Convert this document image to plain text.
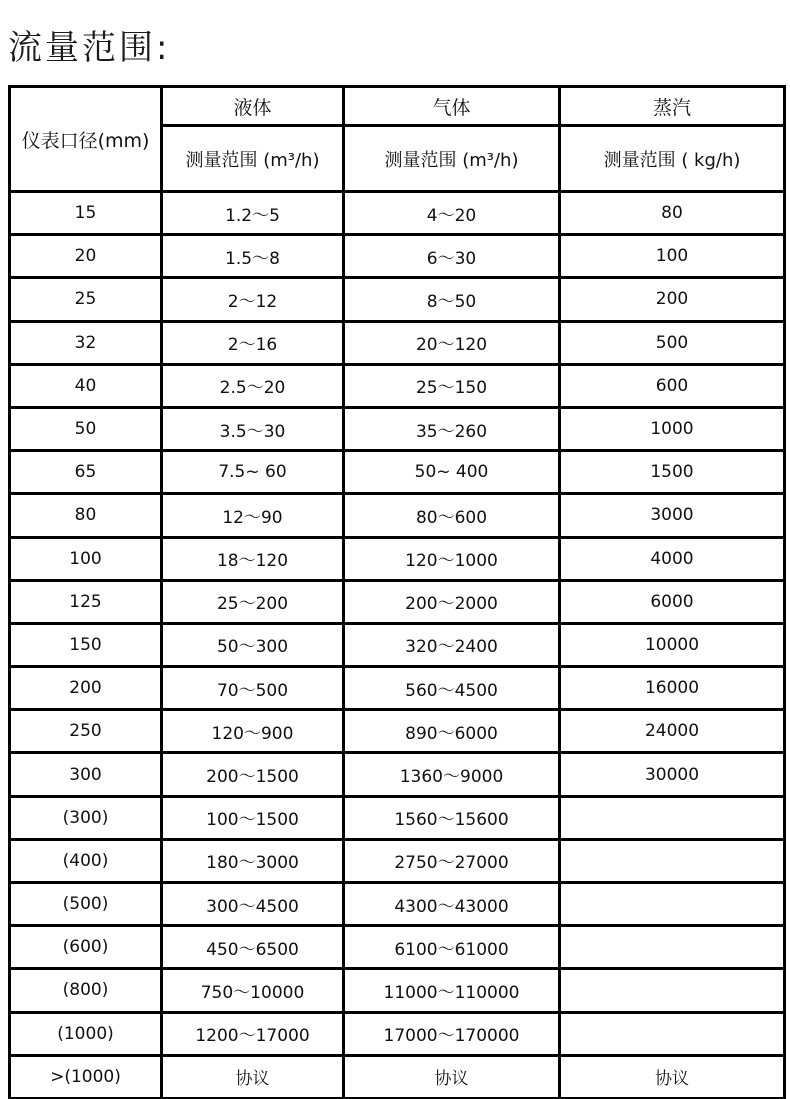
流量范围:
仪表口径(mm)	液体	气体	蒸汽
	测量范围 (m³/h)	测量范围 (m³/h)	测量范围 ( kg/h)
15	1.2～5	4～20	80
20	1.5～8	6～30	100
25	2～12	8～50	200
32	2～16	20～120	500
40	2.5～20	25～150	600
50	3.5～30	35～260	1000
65	7.5~ 60	50~ 400	1500
80	12～90	80～600	3000
100	18～120	120～1000	4000
125	25～200	200～2000	6000
150	50～300	320～2400	10000
200	70～500	560～4500	16000
250	120～900	890～6000	24000
300	200～1500	1360～9000	30000
(300)	100～1500	1560～15600	
(400)	180～3000	2750～27000	
(500)	300～4500	4300～43000	
(600)	450～6500	6100～61000	
(800)	750～10000	11000～110000	
(1000)	1200～17000	17000～170000	
>(1000)	协议	协议	协议
